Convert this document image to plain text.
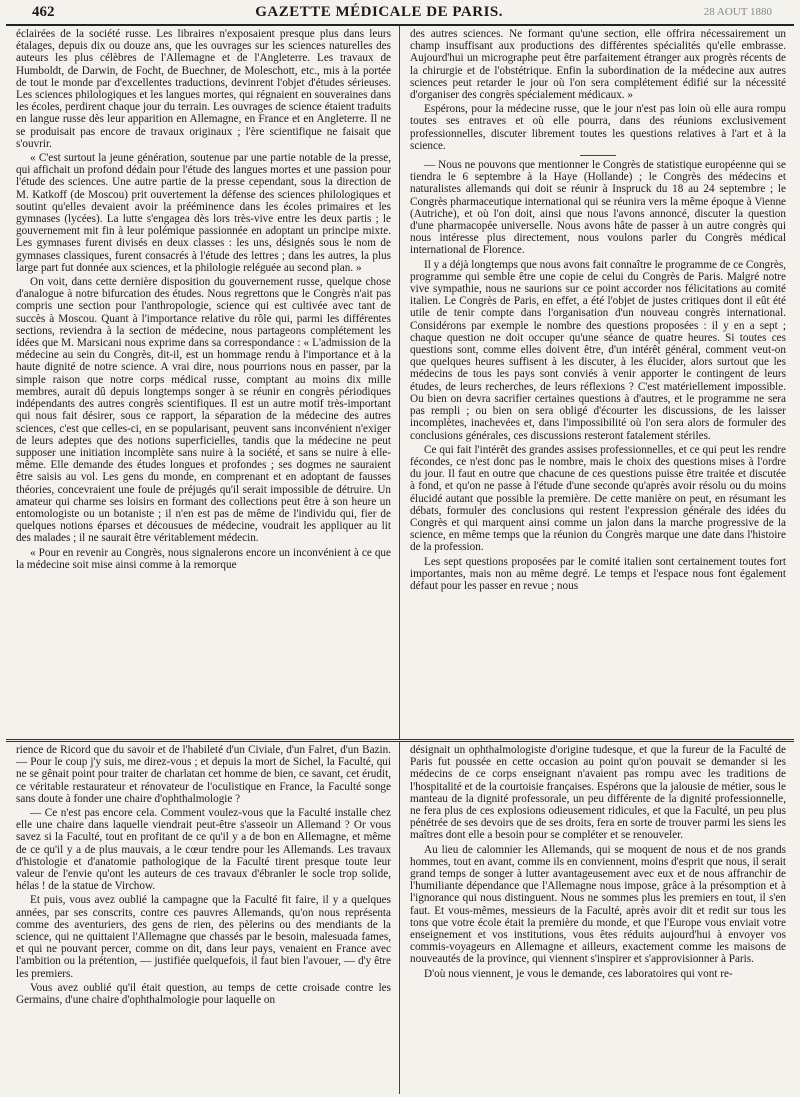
462	GAZETTE MÉDICALE DE PARIS.	28 AOUT 1880

éclairées de la société russe. Les libraires n'exposaient presque plus dans leurs étalages, depuis dix ou douze ans, que les ouvrages sur les sciences naturelles des auteurs les plus célèbres de l'Allemagne et de l'Angleterre. Les travaux de Humboldt, de Darwin, de Focht, de Buechner, de Moleschott, etc., mis à la portée de tout le monde par d'excellentes traductions, devinrent l'objet d'études sérieuses. Les sciences philologiques et les langues mortes, qui régnaient en souveraines dans les écoles, perdirent chaque jour du terrain. Les ouvrages de science étaient traduits en langue russe dès leur apparition en Allemagne, en France et en Angleterre. Il ne se produisait pas encore de travaux originaux ; l'ère scientifique ne faisait que s'ouvrir.

« C'est surtout la jeune génération, soutenue par une partie notable de la presse, qui affichait un profond dédain pour l'étude des langues mortes et une passion pour l'étude des sciences. Une autre partie de la presse cependant, sous la direction de M. Katkoff (de Moscou) prit ouvertement la défense des sciences philologiques et soutint qu'elles devaient avoir la prééminence dans les écoles primaires et les gymnases (lycées). La lutte s'engagea dès lors très-vive entre les deux partis ; le gouvernement mit fin à leur polémique passionnée en adoptant un principe mixte. Les gymnases furent divisés en deux classes : les uns, désignés sous le nom de gymnases classiques, furent consacrés à l'étude des lettres ; dans les autres, la plus large part fut donnée aux sciences, et la philologie reléguée au second plan. »

On voit, dans cette dernière disposition du gouvernement russe, quelque chose d'analogue à notre bifurcation des études. Nous regrettons que le Congrès n'ait pas compris une section pour l'anthropologie, science qui est cultivée avec tant de succès à Moscou. Quant à l'importance relative du rôle qui, parmi les différentes sections, reviendra à la section de médecine, nous partageons complétement les idées que M. Marsicani nous exprime dans sa correspondance : « L'admission de la médecine au sein du Congrès, dit-il, est un hommage rendu à l'importance et à la haute dignité de notre science. A vrai dire, nous pourrions nous en passer, par la simple raison que notre corps médical russe, comptant au moins dix mille membres, aurait dû depuis longtemps songer à se réunir en congrès périodiques indépendants des autres congrès scientifiques. Il est un autre motif très-important qui nous fait désirer, sous ce rapport, la séparation de la médecine des autres sciences, c'est que celles-ci, en se popularisant, peuvent sans inconvénient n'exiger de leurs adeptes que des notions superficielles, tandis que la médecine ne peut supposer une initiation incomplète sans nuire à la société, et sans se nuire à elle-même. Elle demande des études longues et profondes ; ses dogmes ne sauraient être saisis au vol. Les gens du monde, en comprenant et en adoptant de fausses théories, concevraient une foule de préjugés qu'il serait impossible de détruire. Un amateur qui charme ses loisirs en formant des collections peut être à son heure un entomologiste ou un botaniste ; il n'en est pas de même de l'individu qui, fier de quelques notions éparses et décousues de médecine, voudrait les appliquer au lit des malades ; il ne saurait être véritablement médecin.

« Pour en revenir au Congrès, nous signalerons encore un inconvénient à ce que la médecine soit mise ainsi comme à la remorque

des autres sciences. Ne formant qu'une section, elle offrira nécessairement un champ insuffisant aux productions des différentes spécialités qu'elle embrasse. Aujourd'hui un micrographe peut être parfaitement étranger aux progrès récents de la chirurgie et de l'obstétrique. Enfin la subordination de la médecine aux autres sciences peut retarder le jour où l'on sera complétement édifié sur la nécessité d'organiser des congrès spécialement médicaux. »

Espérons, pour la médecine russe, que le jour n'est pas loin où elle aura rompu toutes ses entraves et où elle pourra, dans des réunions exclusivement professionnelles, discuter librement toutes les questions relatives à l'art et à la science.

— Nous ne pouvons que mentionner le Congrès de statistique européenne qui se tiendra le 6 septembre à la Haye (Hollande) ; le Congrès des médecins et naturalistes allemands qui doit se réunir à Inspruck du 18 au 24 septembre ; le Congrès pharmaceutique international qui se réunira vers la même époque à Vienne (Autriche), et où l'on doit, ainsi que nous l'avons annoncé, discuter la question d'une pharmacopée universelle. Nous avons hâte de passer à un autre congrès qui nous intéresse plus directement, nous voulons parler du Congrès médical international de Florence.

Il y a déjà longtemps que nous avons fait connaître le programme de ce Congrès, programme qui semble être une copie de celui du Congrès de Paris. Malgré notre vive sympathie, nous ne saurions sur ce point accorder nos félicitations au comité italien. Le Congrès de Paris, en effet, a été l'objet de justes critiques dont il eût été utile de tenir compte dans l'organisation d'un nouveau congrès international. Considérons par exemple le nombre des questions proposées : il y en a sept ; chaque question ne doit occuper qu'une séance de quatre heures. Si toutes ces questions sont, comme elles doivent être, d'un intérêt général, comment veut-on que quelques heures suffisent à les discuter, à les élucider, alors surtout que les médecins de tous les pays sont conviés à venir apporter le contingent de leurs études, de leurs recherches, de leurs réflexions ? C'est matériellement impossible. Ou bien on devra sacrifier certaines questions à d'autres, et le programme ne sera pas rempli ; ou bien on sera obligé d'écourter les discussions, de les laisser incomplètes, inachevées et, dans l'impossibilité où l'on sera alors de formuler des conclusions générales, ces discussions resteront fatalement stériles.

Ce qui fait l'intérêt des grandes assises professionnelles, et ce qui peut les rendre fécondes, ce n'est donc pas le nombre, mais le choix des questions mises à l'ordre du jour. Il faut en outre que chacune de ces questions puisse être traitée et discutée à fond, et qu'on ne passe à l'étude d'une seconde qu'après avoir résolu ou du moins élucidé autant que possible la première. De cette manière on peut, en résumant les débats, formuler des conclusions qui restent l'expression générale des idées du Congrès et qui marquent ainsi comme un jalon dans la marche progressive de la science, en même temps que la réunion du Congrès marque une date dans l'histoire de la profession.

Les sept questions proposées par le comité italien sont certainement toutes fort importantes, mais non au même degré. Le temps et l'espace nous font également défaut pour les passer en revue ; nous

rience de Ricord que du savoir et de l'habileté d'un Civiale, d'un Falret, d'un Bazin. — Pour le coup j'y suis, me direz-vous ; et depuis la mort de Sichel, la Faculté, qui ne se gênait point pour traiter de charlatan cet homme de bien, ce savant, cet érudit, ce véritable restaurateur et rénovateur de l'oculistique en France, la Faculté songe sans doute à fonder une chaire d'ophthalmologie ?

— Ce n'est pas encore cela. Comment voulez-vous que la Faculté installe chez elle une chaire dans laquelle viendrait peut-être s'asseoir un Allemand ? Or vous savez si la Faculté, tout en profitant de ce qu'il y a de bon en Allemagne, et même de ce qu'il y a de plus mauvais, a le cœur tendre pour les Allemands. Les travaux d'histologie et d'anatomie pathologique de la Faculté tirent presque toute leur valeur de l'envie qu'ont les auteurs de ces travaux d'ébranler le socle trop solide, hélas ! de la statue de Virchow.

Et puis, vous avez oublié la campagne que la Faculté fit faire, il y a quelques années, par ses conscrits, contre ces pauvres Allemands, qu'on nous représenta comme des aventuriers, des gens de rien, des pèlerins ou des mendiants de la science, qui ne quittaient l'Allemagne que chassés par le besoin, malesuada fames, et qui ne pouvant percer, comme on dit, dans leur pays, venaient en France avec l'ambition ou la prétention, — justifiée quelquefois, il faut bien l'avouer, — d'y être les premiers.

Vous avez oublié qu'il était question, au temps de cette croisade contre les Germains, d'une chaire d'ophthalmologie pour laquelle on

désignait un ophthalmologiste d'origine tudesque, et que la fureur de la Faculté de Paris fut poussée en cette occasion au point qu'on pouvait se demander si les médecins de ce corps enseignant n'avaient pas rompu avec les traditions de l'hospitalité et de la courtoisie françaises. Espérons que la jalousie de métier, sous le manteau de la dignité professorale, un peu différente de la dignité professionnelle, ne fera plus de ces explosions odieusement ridicules, et que la Faculté, un peu plus pénétrée de ses devoirs que de ses droits, fera en sorte de trouver parmi les siens les maîtres dont elle a besoin pour se compléter et se renouveler.

Au lieu de calomnier les Allemands, qui se moquent de nous et de nos grands hommes, tout en avant, comme ils en conviennent, moins d'esprit que nous, il serait grand temps de songer à lutter avantageusement avec eux et de nous affranchir de l'humiliante dépendance que l'Allemagne nous impose, grâce à la présomption et à l'ignorance qui nous distinguent. Nous ne sommes plus les premiers en tout, il s'en faut. Et vous-mêmes, messieurs de la Faculté, après avoir dit et redit sur tous les tons que votre école était la première du monde, et que l'Europe vous enviait votre enseignement et vos institutions, vous êtes réduits aujourd'hui à envoyer vos commis-voyageurs en Allemagne et ailleurs, exactement comme les maisons de nouveautés de la province, qui viennent s'inspirer et s'approvisionner à Paris.

D'où nous viennent, je vous le demande, ces laboratoires qui vont re-
